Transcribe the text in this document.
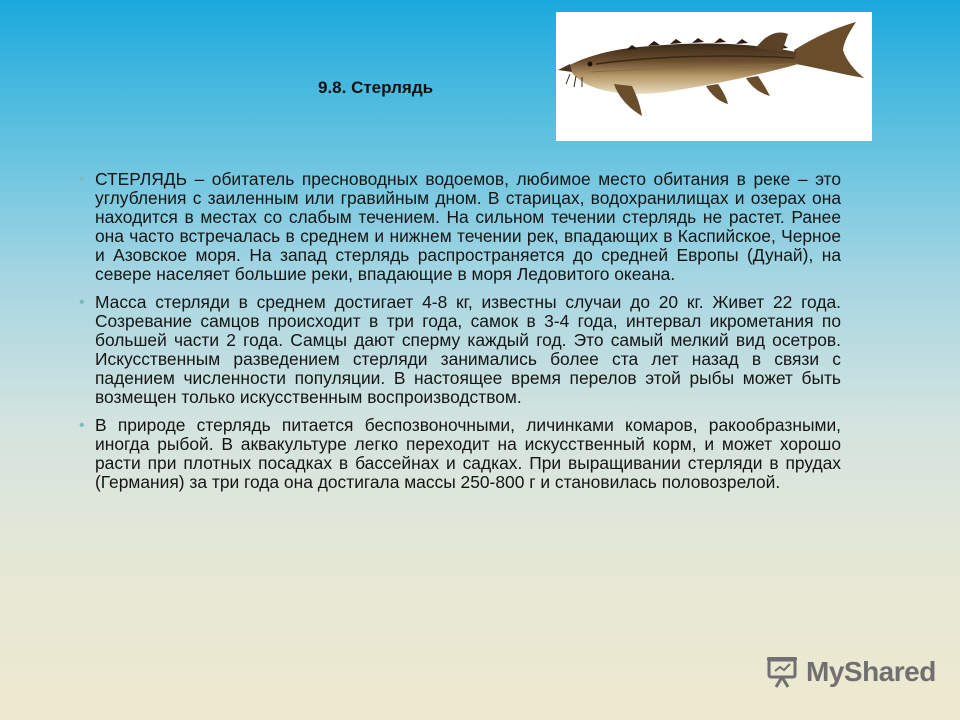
9.8. Стерлядь
• СТЕРЛЯДЬ – обитатель пресноводных водоемов, любимое место обитания в реке – это углубления с заиленным или гравийным дном. В старицах, водохранилищах и озерах она находится в местах со слабым течением. На сильном течении стерлядь не растет. Ранее она часто встречалась в среднем и нижнем течении рек, впадающих в Каспийское, Черное и Азовское моря. На запад стерлядь распространяется до средней Европы (Дунай), на севере населяет большие реки, впадающие в моря Ледовитого океана.
• Масса стерляди в среднем достигает 4-8 кг, известны случаи до 20 кг. Живет 22 года. Созревание самцов происходит в три года, самок в 3-4 года, интервал икрометания по большей части 2 года. Самцы дают сперму каждый год. Это самый мелкий вид осетров. Искусственным разведением стерляди занимались более ста лет назад в связи с падением численности популяции. В настоящее время перелов этой рыбы может быть возмещен только искусственным воспроизводством.
• В природе стерлядь питается беспозвоночными, личинками комаров, ракообразными, иногда рыбой. В аквакультуре легко переходит на искусственный корм, и может хорошо расти при плотных посадках в бассейнах и садках. При выращивании стерляди в прудах (Германия) за три года она достигала массы 250-800 г и становилась половозрелой.
MyShared
